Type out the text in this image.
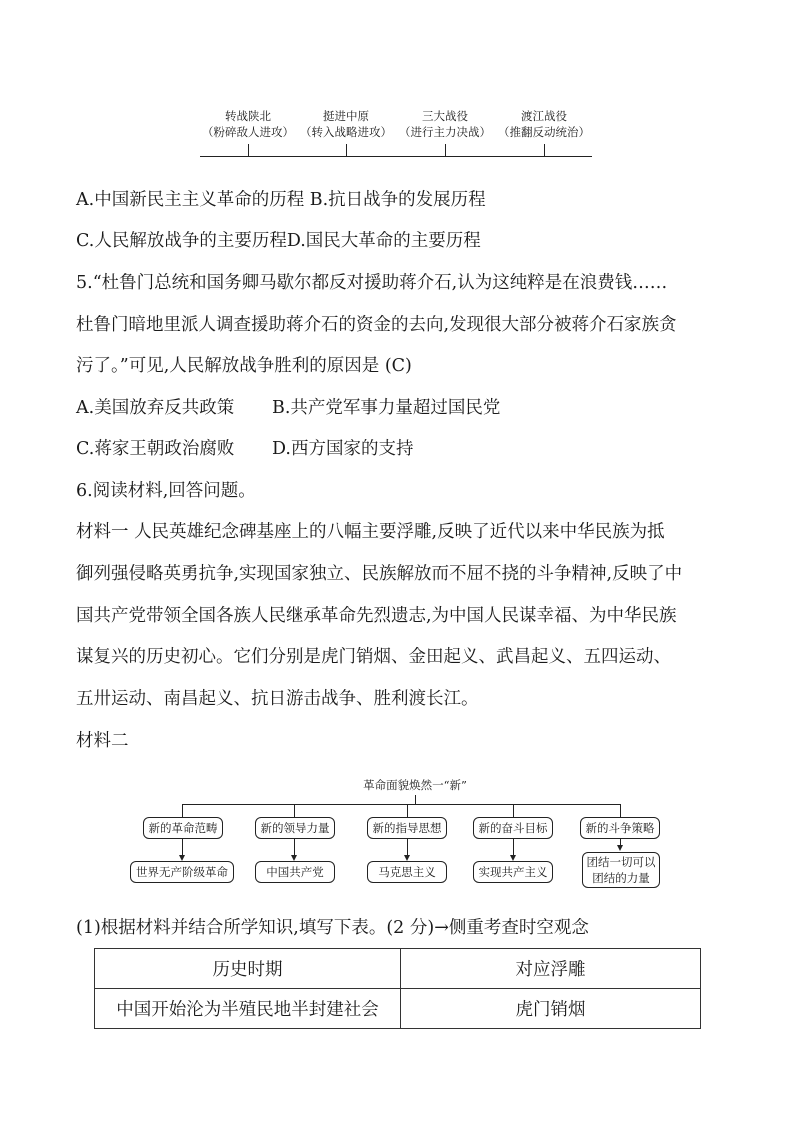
转战陕北
（粉碎敌人进攻）
挺进中原
（转入战略进攻）
三大战役
（进行主力决战）
渡江战役
（推翻反动统治）
A.中国新民主主义革命的历程 B.抗日战争的发展历程
C.人民解放战争的主要历程D.国民大革命的主要历程
5.“杜鲁门总统和国务卿马歇尔都反对援助蒋介石,认为这纯粹是在浪费钱……
杜鲁门暗地里派人调查援助蒋介石的资金的去向,发现很大部分被蒋介石家族贪
污了。”可见,人民解放战争胜利的原因是 (C)
A.美国放弃反共政策 B.共产党军事力量超过国民党
C.蒋家王朝政治腐败 D.西方国家的支持
6.阅读材料,回答问题。
材料一 人民英雄纪念碑基座上的八幅主要浮雕,反映了近代以来中华民族为抵
御列强侵略英勇抗争,实现国家独立、民族解放而不屈不挠的斗争精神,反映了中
国共产党带领全国各族人民继承革命先烈遗志,为中国人民谋幸福、为中华民族
谋复兴的历史初心。它们分别是虎门销烟、金田起义、武昌起义、五四运动、
五卅运动、南昌起义、抗日游击战争、胜利渡长江。
材料二
革命面貌焕然一“新”
新的革命范畴	新的领导力量	新的指导思想	新的奋斗目标	新的斗争策略
世界无产阶级革命	中国共产党	马克思主义	实现共产主义
团结一切可以
团结的力量
(1)根据材料并结合所学知识,填写下表。(2 分)→侧重考查时空观念
历史时期	对应浮雕
中国开始沦为半殖民地半封建社会	虎门销烟
